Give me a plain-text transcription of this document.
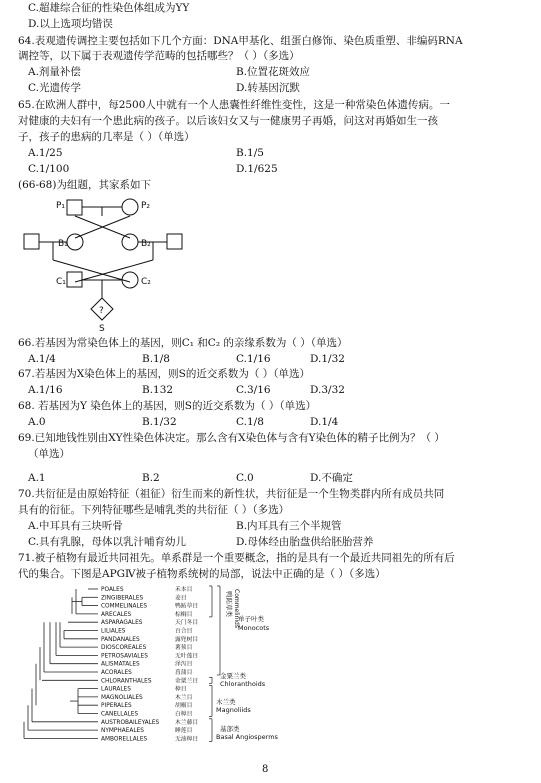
C.超雄综合征的性染色体组成为YY
D.以上选项均错误
64.表观遗传调控主要包括如下几个方面：DNA甲基化、组蛋白修饰、染色质重塑、非编码RNA
调控等，以下属于表观遗传学范畴的包括哪些？（ ）（多选）
A.剂量补偿	B.位置花斑效应
C.光遗传学	D.转基因沉默
65.在欧洲人群中，每2500人中就有一个人患囊性纤维性变性，这是一种常染色体遗传病。一
对健康的夫妇有一个患此病的孩子。以后该妇女又与一健康男子再婚，问这对再婚如生一孩
子，孩子的患病的几率是（ ）（单选）
A.1/25	B.1/5
C.1/100	D.1/625
(66-68)为组题，其家系如下
P₁	P₂
B₁	B₂
C₁	C₂
?
S
66.若基因为常染色体上的基因，则C₁ 和C₂ 的亲缘系数为（ ）（单选）
A.1/4	B.1/8	C.1/16	D.1/32
67.若基因为X染色体上的基因，则S的近交系数为（ ）（单选）
A.1/16	B.132	C.3/16	D.3/32
68. 若基因为Y 染色体上的基因，则S的近交系数为（ ）（单选）
A.0	B.1/32	C.1/8	D.1/4
69.已知地钱性别由XY性染色体决定。那么含有X染色体与含有Y染色体的精子比例为？（ ）
（单选）
A.1	B.2	C.0	D.不确定
70.共衍征是由原始特征（祖征）衍生而来的新性状，共衍征是一个生物类群内所有成员共同
具有的衍征。下列特征哪些是哺乳类的共衍征（ ）（多选）
A.中耳具有三块听骨	B.内耳具有三个半规管
C.具有乳腺，母体以乳汁哺育幼儿	D.母体经由胎盘供给胚胎营养
71.被子植物有最近共同祖先。单系群是一个重要概念，指的是具有一个最近共同祖先的所有后
代的集合。下图是APGⅣ被子植物系统树的局部，说法中正确的是（ ）（多选）
POALES	禾本目
ZINGIBERALES	姜目
COMMELINALES	鸭跖草目
ARECALES	棕榈目
ASPARAGALES	天门冬目
LILIALES	百合目
PANDANALES	露兜树目
DIOSCOREALES	薯蓣目
PETROSAVIALES	无叶莲目
ALISMATALES	泽泻目
ACORALES	菖蒲目
CHLORANTHALES	金粟兰目
LAURALES	樟目
MAGNOLIALES	木兰目
PIPERALES	胡椒目
CANELLALES	白樟目
AUSTROBAILEYALES	木兰藤目
NYMPHAEALES	睡莲目
AMBORELLALES	无油樟目
鸭跖草类 Commelinids
单子叶类
Monocots
金粟兰类
Chloranthoids
木兰类
Magnoliids
基部类
Basal Angiosperms
8
